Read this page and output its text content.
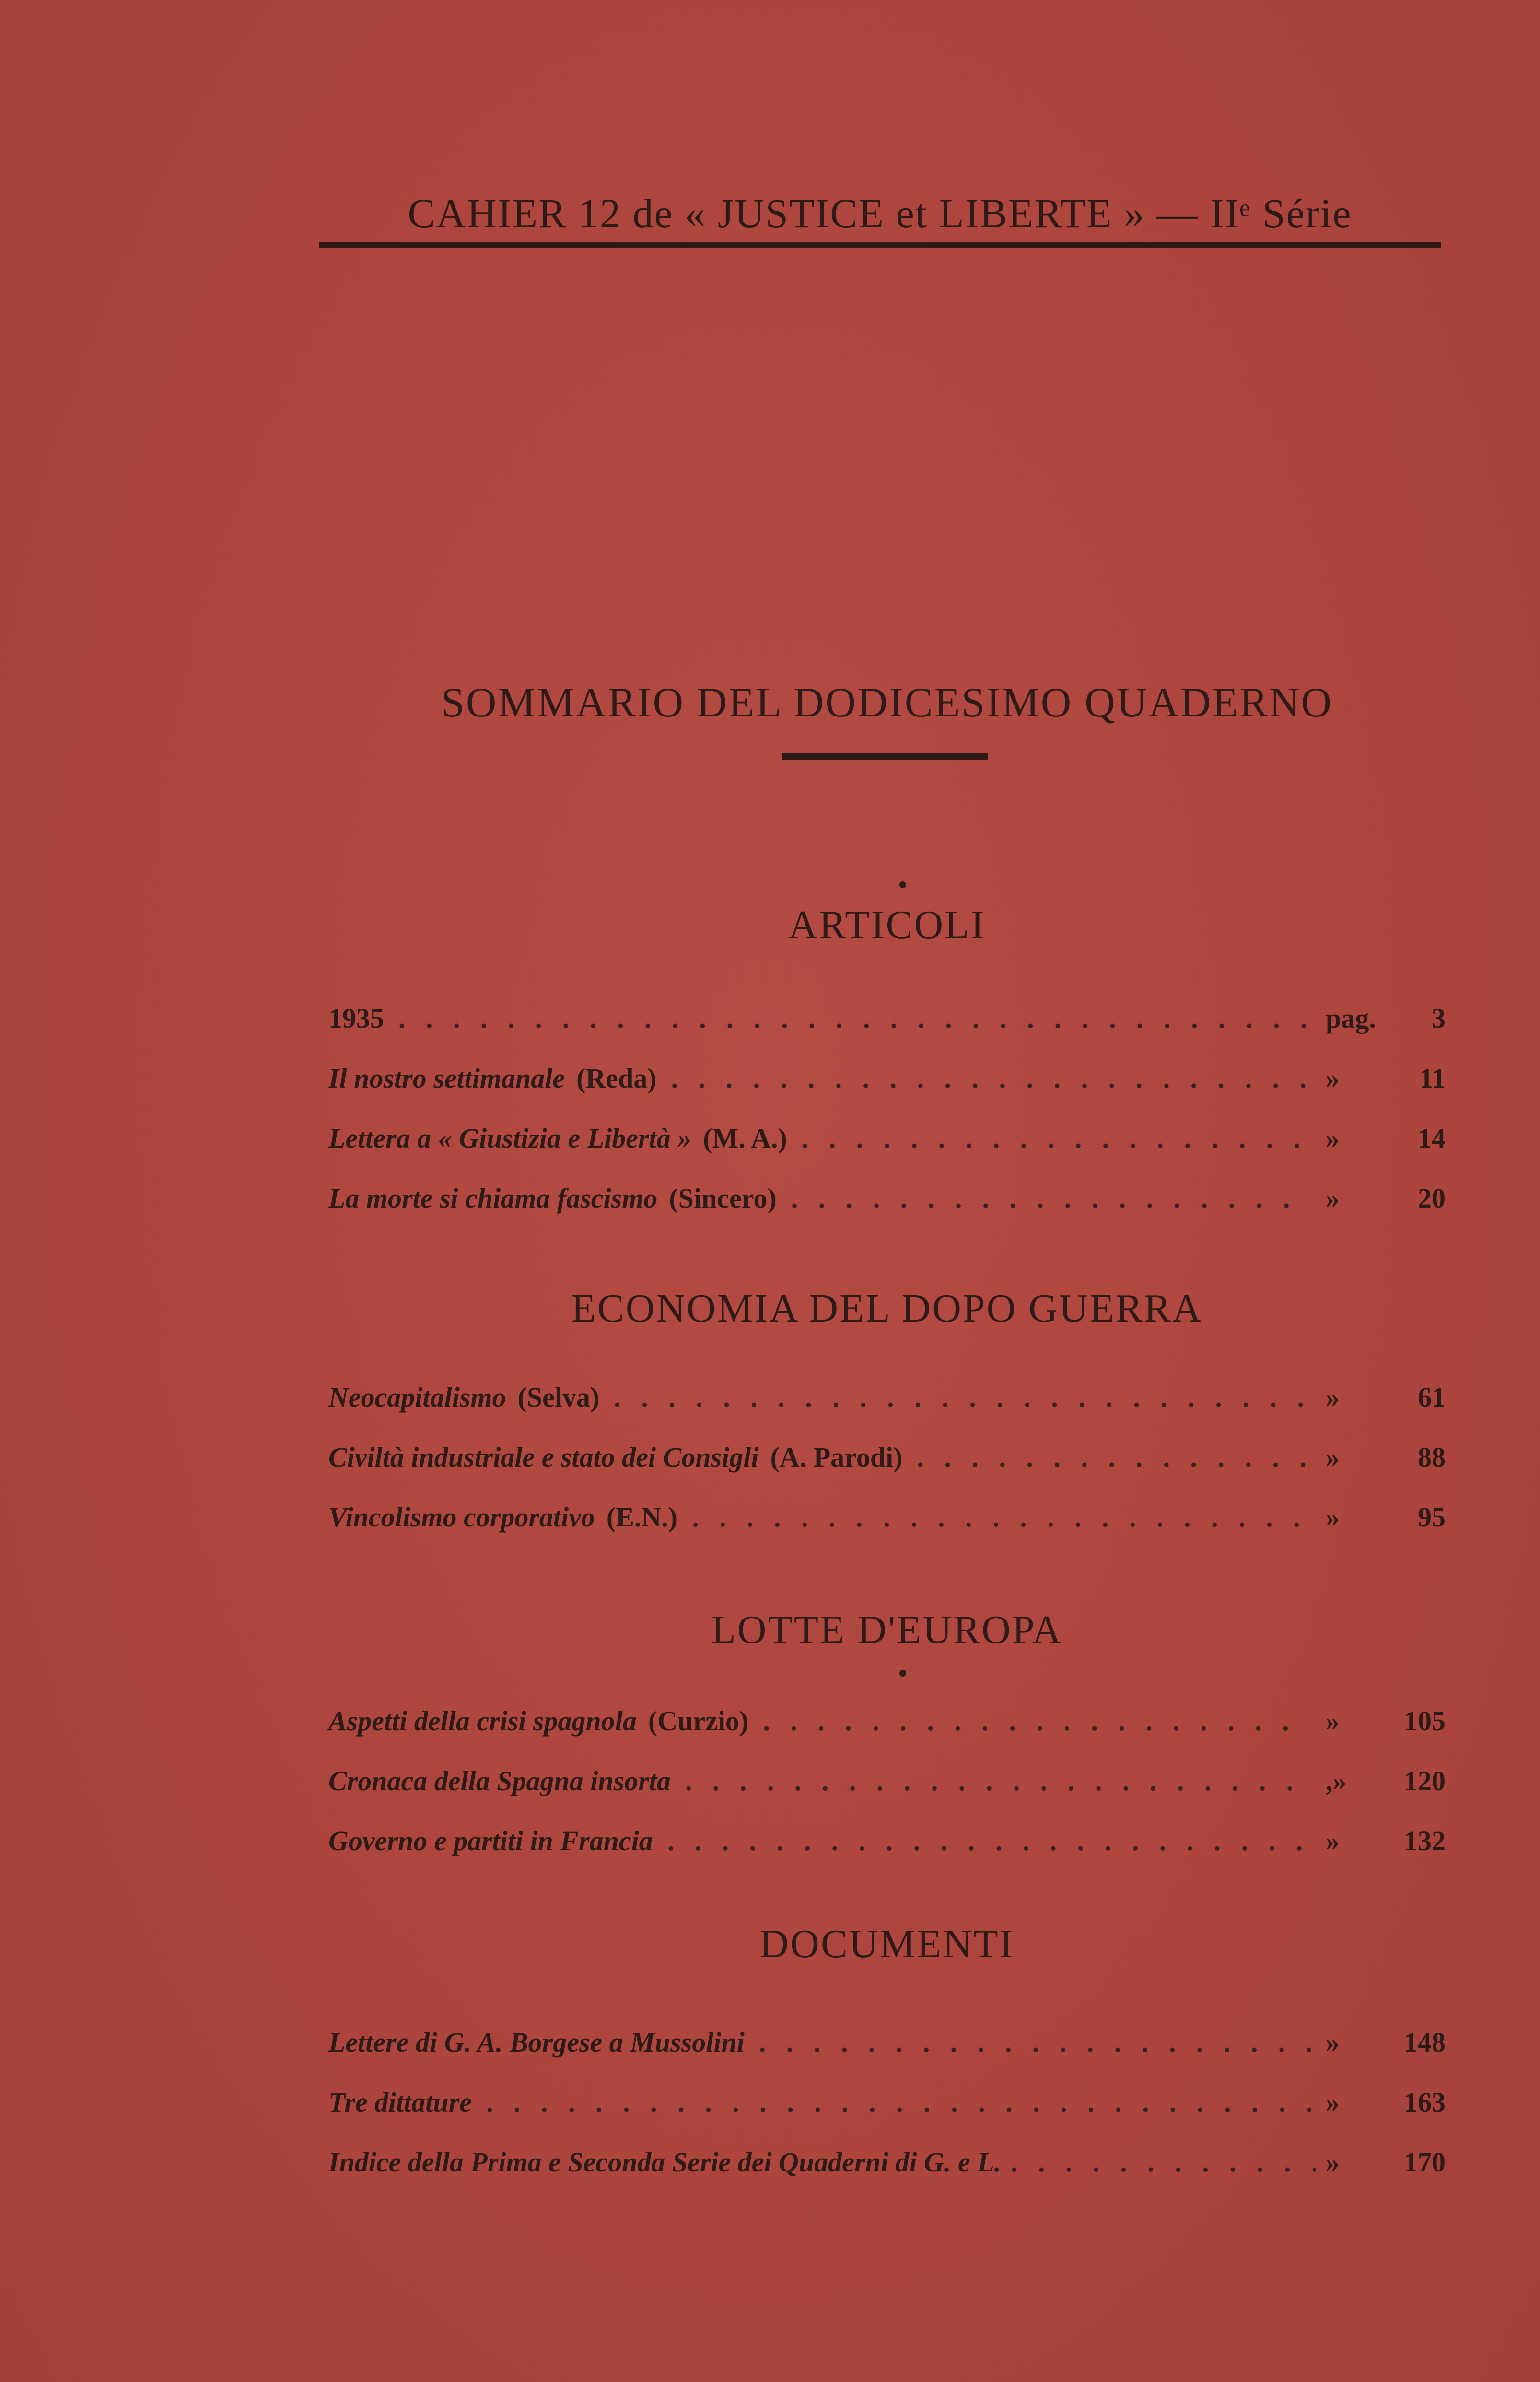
CAHIER 12 de « JUSTICE et LIBERTE » — IIᵉ Série
SOMMARIO DEL DODICESIMO QUADERNO
ARTICOLI
1935 . . .	pag.	3
Il nostro settimanale (Reda) . . .	»	11
Lettera a « Giustizia e Libertà » (M. A.) . . .	»	14
La morte si chiama fascismo (Sincero) . . .	»	20
ECONOMIA DEL DOPO GUERRA
Neocapitalismo (Selva) . . .	»	61
Civiltà industriale e stato dei Consigli (A. Parodi) . . .	»	88
Vincolismo corporativo (E.N.) . . .	»	95
LOTTE D'EUROPA
Aspetti della crisi spagnola (Curzio) . . .	»	105
Cronaca della Spagna insorta . . .	,»	120
Governo e partiti in Francia . . .	»	132
DOCUMENTI
Lettere di G. A. Borgese a Mussolini . . .	»	148
Tre dittature . . .	»	163
Indice della Prima e Seconda Serie dei Quaderni di G. e L. . . .	»	170
